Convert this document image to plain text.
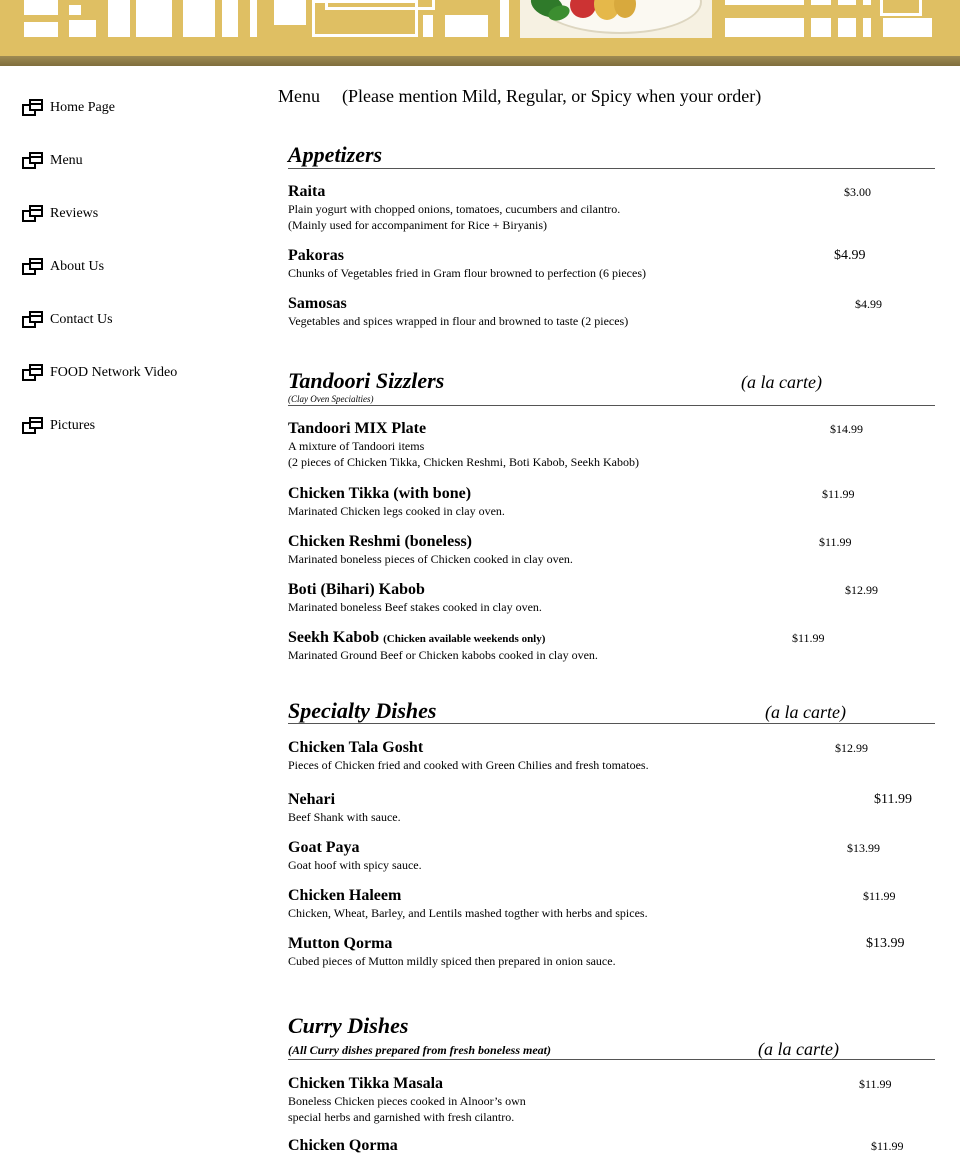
Home Page
Menu
Reviews
About Us
Contact Us
FOOD Network Video
Pictures
Menu (Please mention Mild, Regular, or Spicy when your order)
Appetizers
Raita
Plain yogurt with chopped onions, tomatoes, cucumbers and cilantro.
(Mainly used for accompaniment for Rice + Biryanis)
$3.00
Pakoras
Chunks of Vegetables fried in Gram flour browned to perfection (6 pieces)
$4.99
Samosas
Vegetables and spices wrapped in flour and browned to taste (2 pieces)
$4.99
Tandoori Sizzlers	(a la carte)
(Clay Oven Specialties)
Tandoori MIX Plate
A mixture of Tandoori items
(2 pieces of Chicken Tikka, Chicken Reshmi, Boti Kabob, Seekh Kabob)
$14.99
Chicken Tikka (with bone)
Marinated Chicken legs cooked in clay oven.
$11.99
Chicken Reshmi (boneless)
Marinated boneless pieces of Chicken cooked in clay oven.
$11.99
Boti (Bihari) Kabob
Marinated boneless Beef stakes cooked in clay oven.
$12.99
Seekh Kabob (Chicken available weekends only)
Marinated Ground Beef or Chicken kabobs cooked in clay oven.
$11.99
Specialty Dishes	(a la carte)
Chicken Tala Gosht
Pieces of Chicken fried and cooked with Green Chilies and fresh tomatoes.
$12.99
Nehari
Beef Shank with sauce.
$11.99
Goat Paya
Goat hoof with spicy sauce.
$13.99
Chicken Haleem
Chicken, Wheat, Barley, and Lentils mashed togther with herbs and spices.
$11.99
Mutton Qorma
Cubed pieces of Mutton mildly spiced then prepared in onion sauce.
$13.99
Curry Dishes
(All Curry dishes prepared from fresh boneless meat)	(a la carte)
Chicken Tikka Masala
Boneless Chicken pieces cooked in Alnoor’s own
special herbs and garnished with fresh cilantro.
$11.99
Chicken Qorma	$11.99
